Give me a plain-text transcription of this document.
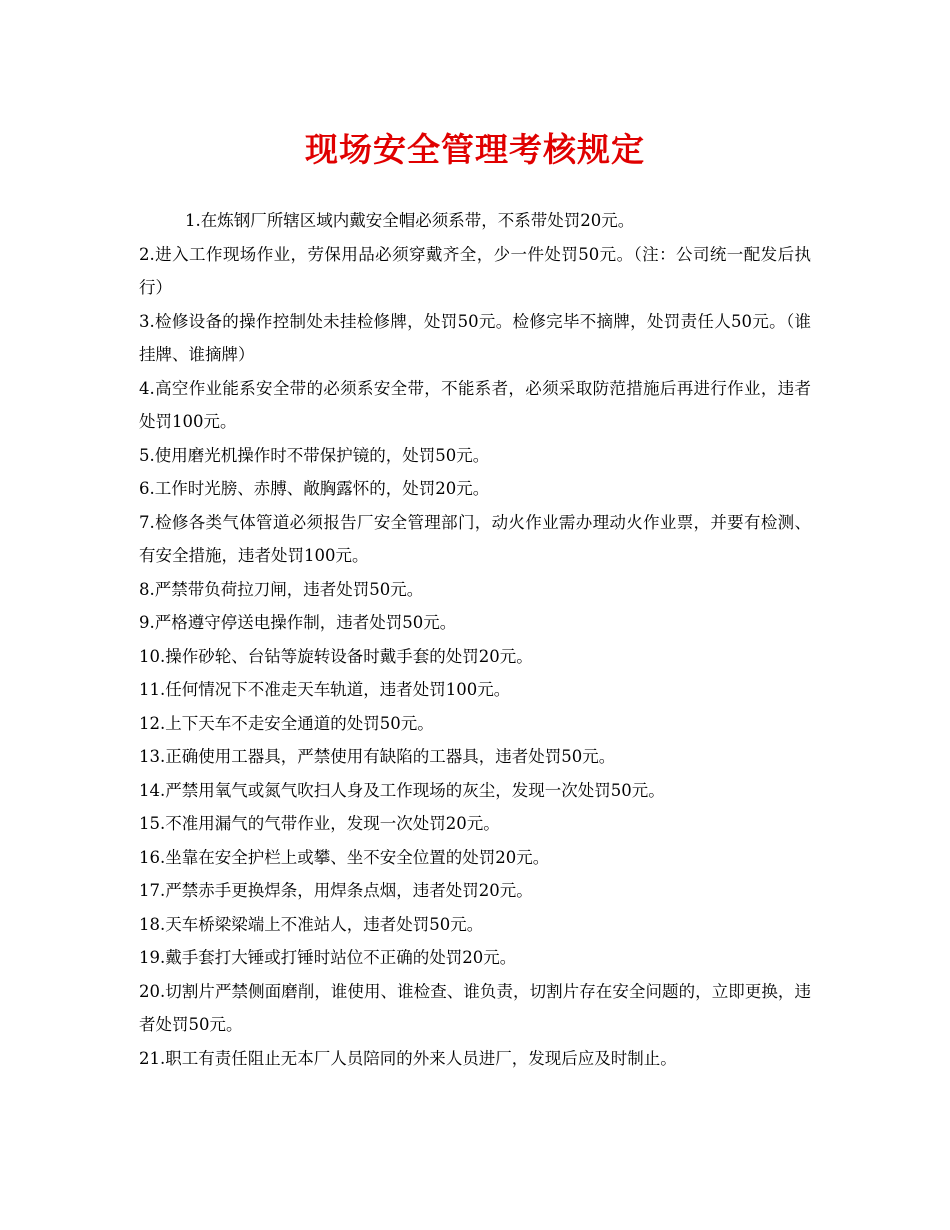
现场安全管理考核规定

1.在炼钢厂所辖区域内戴安全帽必须系带，不系带处罚20元。

2.进入工作现场作业，劳保用品必须穿戴齐全，少一件处罚50元。（注：公司统一配发后执行）

3.检修设备的操作控制处未挂检修牌，处罚50元。检修完毕不摘牌，处罚责任人50元。（谁挂牌、谁摘牌）

4.高空作业能系安全带的必须系安全带，不能系者，必须采取防范措施后再进行作业，违者处罚100元。

5.使用磨光机操作时不带保护镜的，处罚50元。

6.工作时光膀、赤膊、敞胸露怀的，处罚20元。

7.检修各类气体管道必须报告厂安全管理部门，动火作业需办理动火作业票，并要有检测、有安全措施，违者处罚100元。

8.严禁带负荷拉刀闸，违者处罚50元。

9.严格遵守停送电操作制，违者处罚50元。

10.操作砂轮、台钻等旋转设备时戴手套的处罚20元。

11.任何情况下不准走天车轨道，违者处罚100元。

12.上下天车不走安全通道的处罚50元。

13.正确使用工器具，严禁使用有缺陷的工器具，违者处罚50元。

14.严禁用氧气或氮气吹扫人身及工作现场的灰尘，发现一次处罚50元。

15.不准用漏气的气带作业，发现一次处罚20元。

16.坐靠在安全护栏上或攀、坐不安全位置的处罚20元。

17.严禁赤手更换焊条，用焊条点烟，违者处罚20元。

18.天车桥梁梁端上不准站人，违者处罚50元。

19.戴手套打大锤或打锤时站位不正确的处罚20元。

20.切割片严禁侧面磨削，谁使用、谁检查、谁负责，切割片存在安全问题的，立即更换，违者处罚50元。

21.职工有责任阻止无本厂人员陪同的外来人员进厂，发现后应及时制止。
